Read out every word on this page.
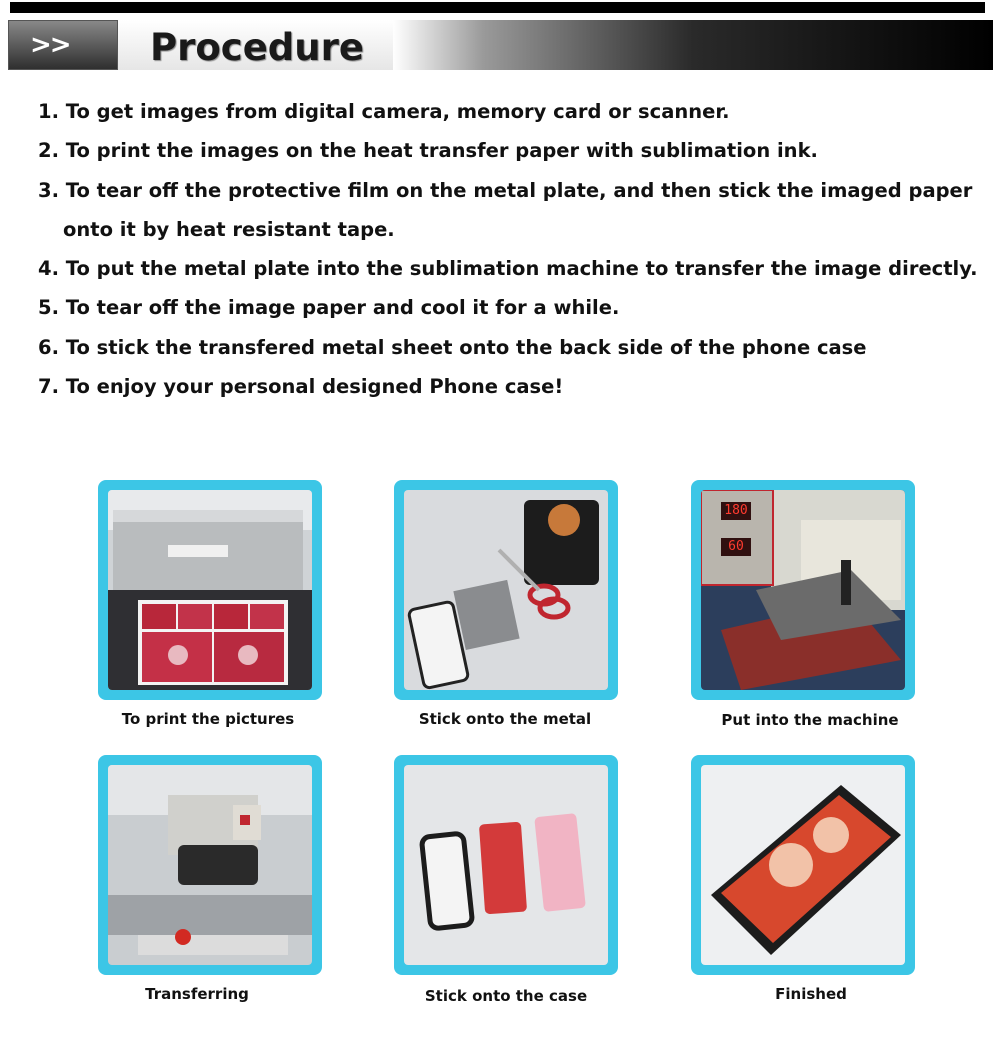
>> Procedure
1. To get images from digital camera, memory card or scanner.
2. To print the images on the heat transfer paper with sublimation ink.
3. To tear off the protective film on the metal plate, and then stick the imaged paper
onto it by heat resistant tape.
4. To put the metal plate into the sublimation machine to transfer the image directly.
5. To tear off the image paper and cool it for a while.
6. To stick the transfered metal sheet onto the back side of the phone case
7. To enjoy your personal designed Phone case!
To print the pictures	Stick onto the metal
180
60
Put into the machine
Transferring	Stick onto the case	Finished
